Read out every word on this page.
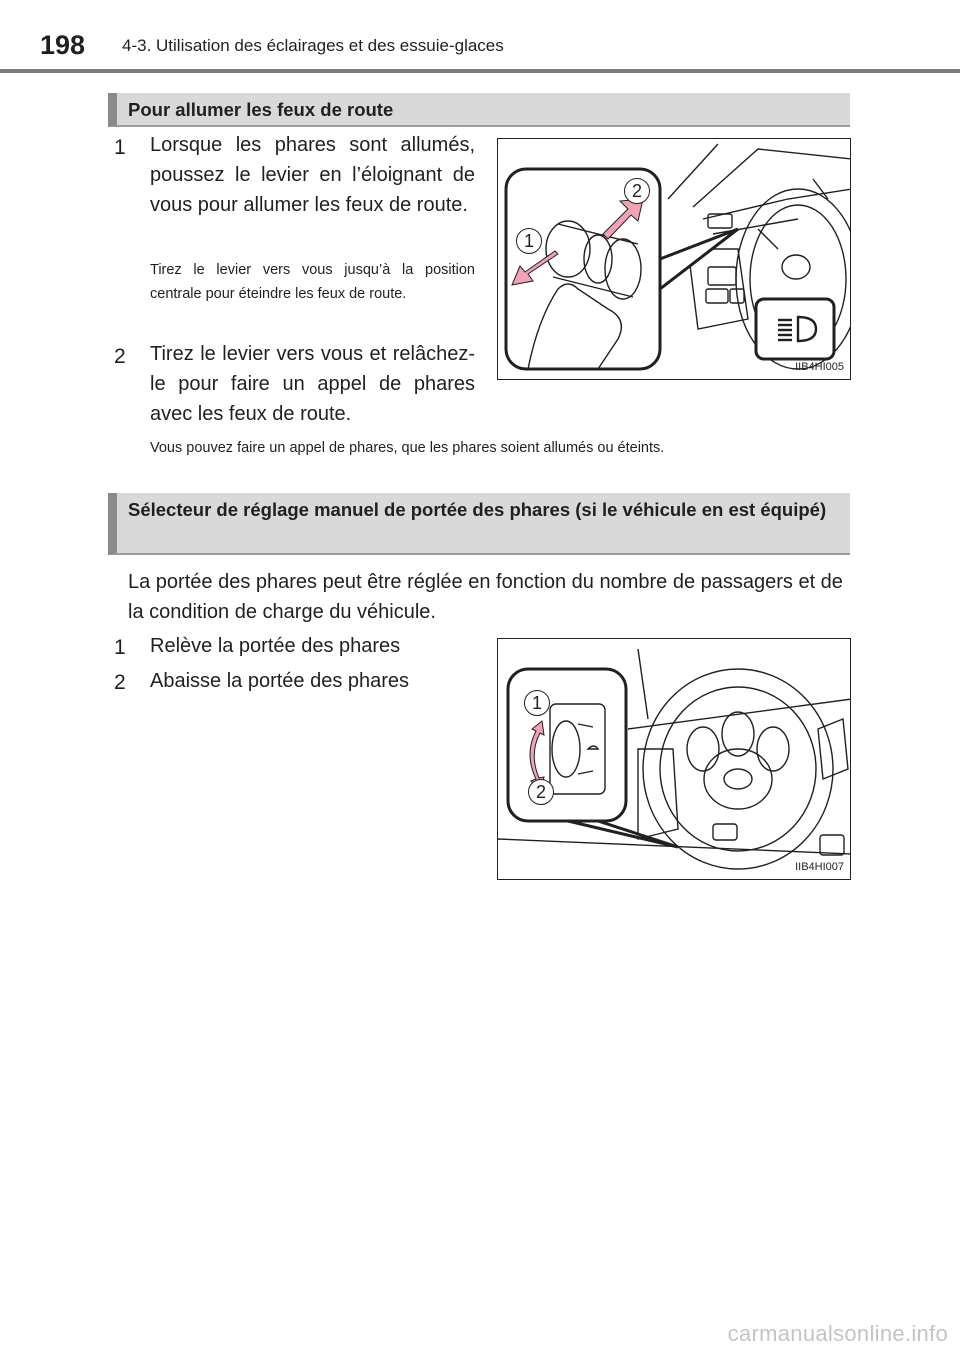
198 4-3. Utilisation des éclairages et des essuie-glaces
Pour allumer les feux de route
1 Lorsque les phares sont allumés, poussez le levier en l’éloignant de vous pour allumer les feux de route.
Tirez le levier vers vous jusqu’à la position centrale pour éteindre les feux de route.
2 Tirez le levier vers vous et relâchez-le pour faire un appel de phares avec les feux de route.
Vous pouvez faire un appel de phares, que les phares soient allumés ou éteints.
1
2
IIB4HI005
Sélecteur de réglage manuel de portée des phares (si le véhicule en est équipé)
La portée des phares peut être réglée en fonction du nombre de passagers et de la condition de charge du véhicule.
1 Relève la portée des phares
2 Abaisse la portée des phares
1
2
IIB4HI007
carmanualsonline.info
